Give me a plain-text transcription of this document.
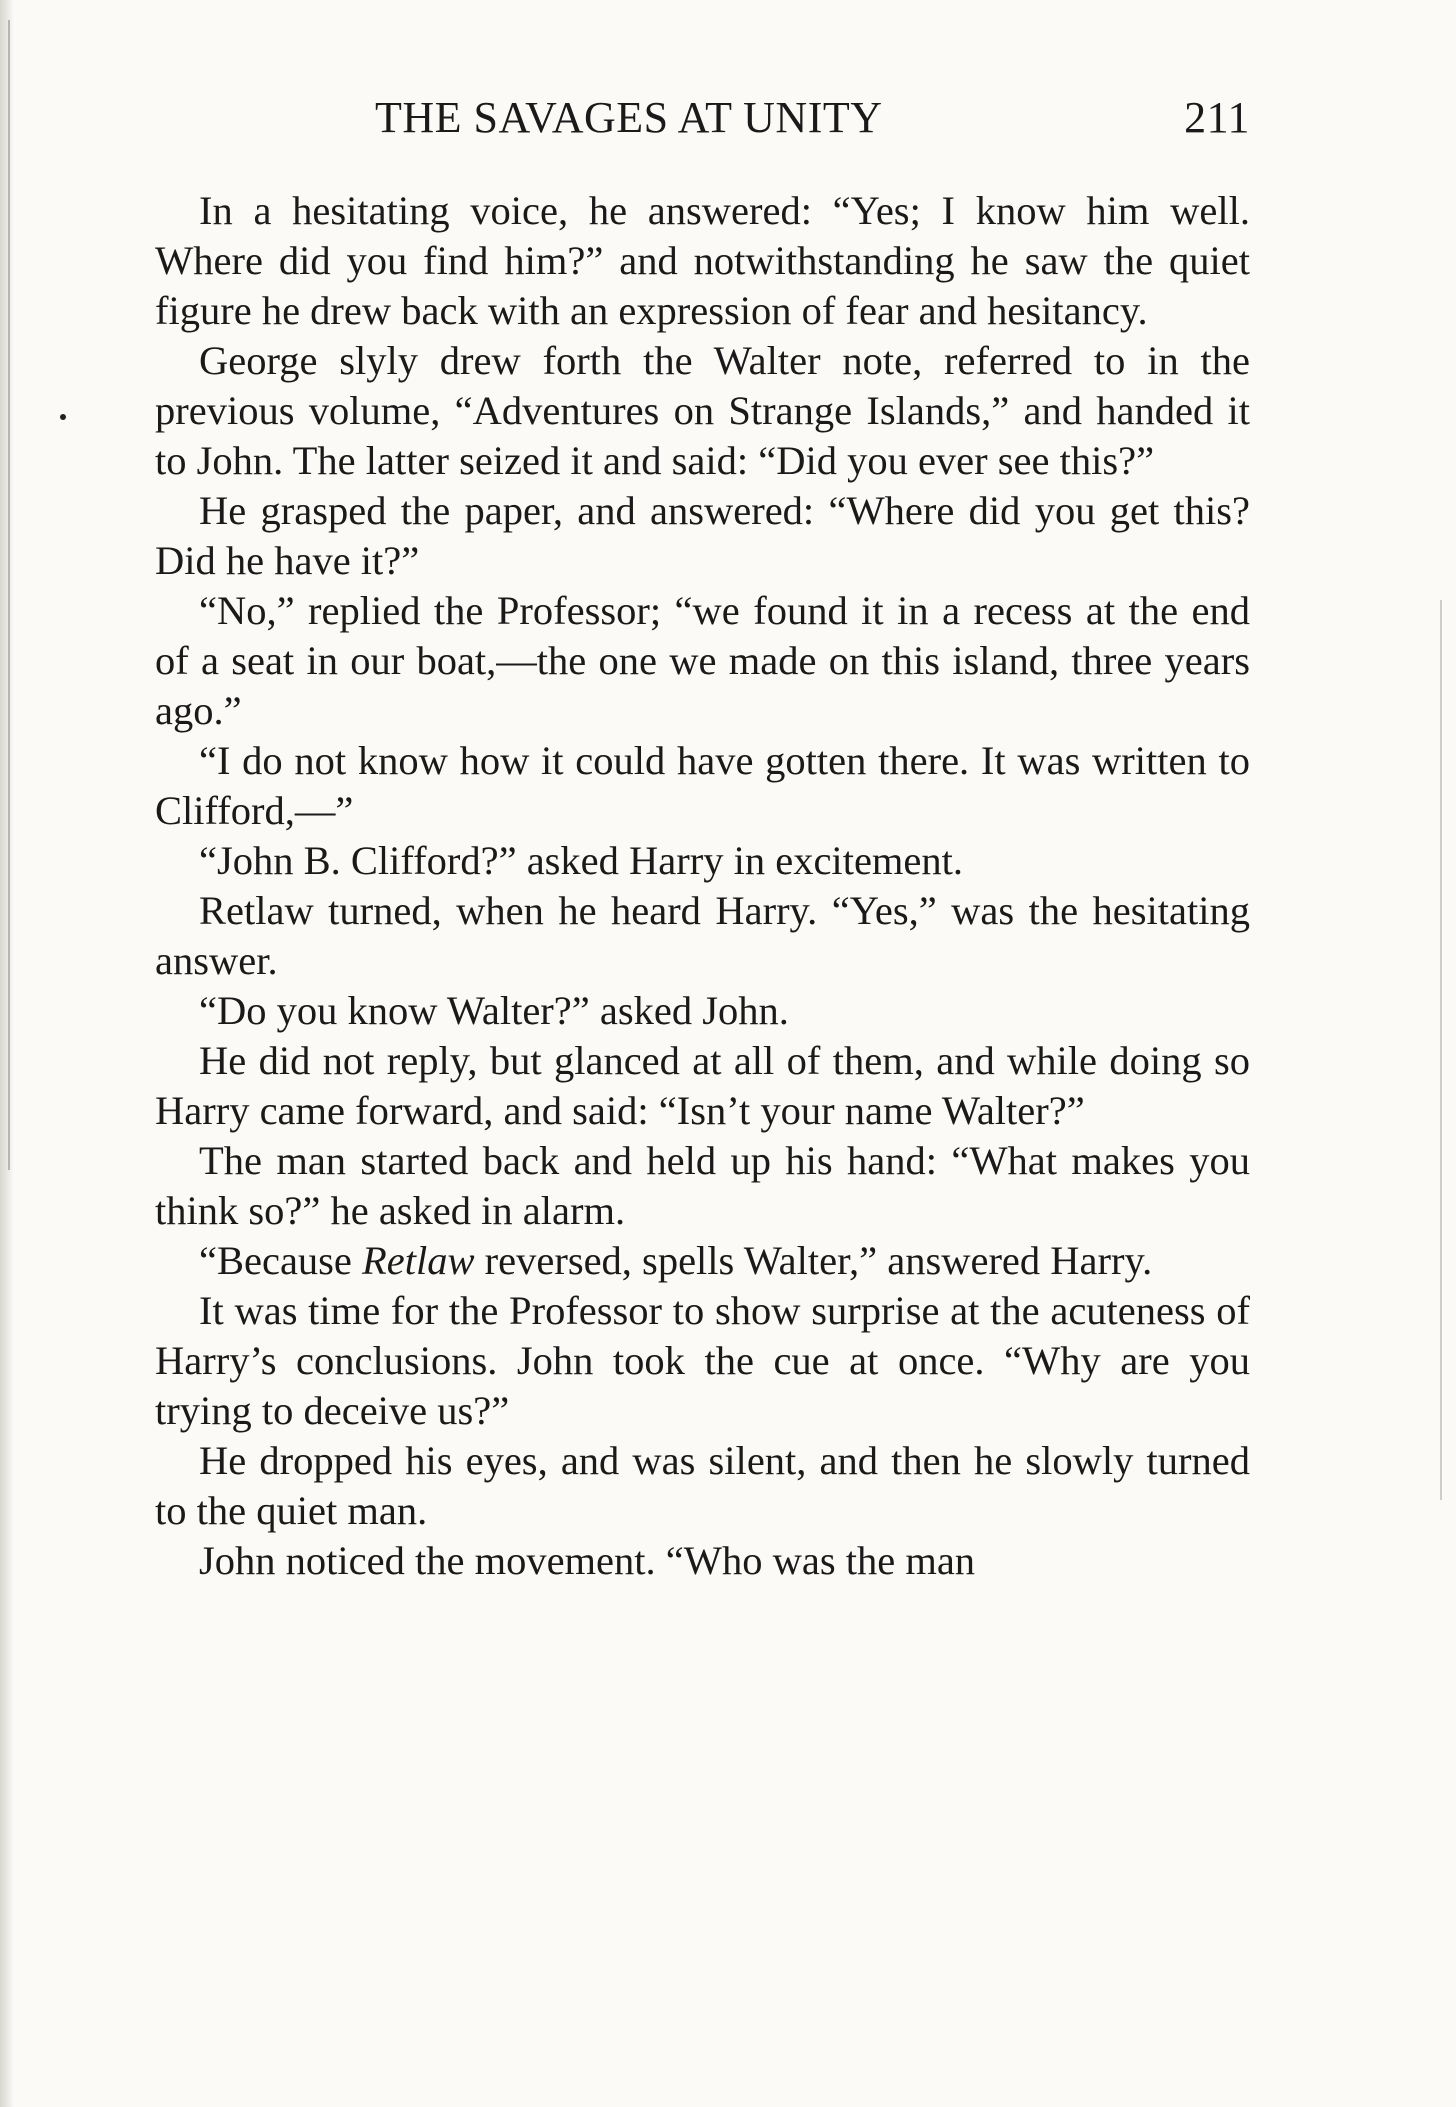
THE SAVAGES AT UNITY	211

In a hesitating voice, he answered: “Yes; I know him well. Where did you find him?” and notwithstanding he saw the quiet figure he drew back with an expression of fear and hesitancy.

George slyly drew forth the Walter note, referred to in the previous volume, “Adventures on Strange Islands,” and handed it to John. The latter seized it and said: “Did you ever see this?”

He grasped the paper, and answered: “Where did you get this? Did he have it?”

“No,” replied the Professor; “we found it in a recess at the end of a seat in our boat,—the one we made on this island, three years ago.”

“I do not know how it could have gotten there. It was written to Clifford,—”

“John B. Clifford?” asked Harry in excitement.

Retlaw turned, when he heard Harry. “Yes,” was the hesitating answer.

“Do you know Walter?” asked John.

He did not reply, but glanced at all of them, and while doing so Harry came forward, and said: “Isn’t your name Walter?”

The man started back and held up his hand: “What makes you think so?” he asked in alarm.

“Because Retlaw reversed, spells Walter,” answered Harry.

It was time for the Professor to show surprise at the acuteness of Harry’s conclusions. John took the cue at once. “Why are you trying to deceive us?”

He dropped his eyes, and was silent, and then he slowly turned to the quiet man.

John noticed the movement. “Who was the man
